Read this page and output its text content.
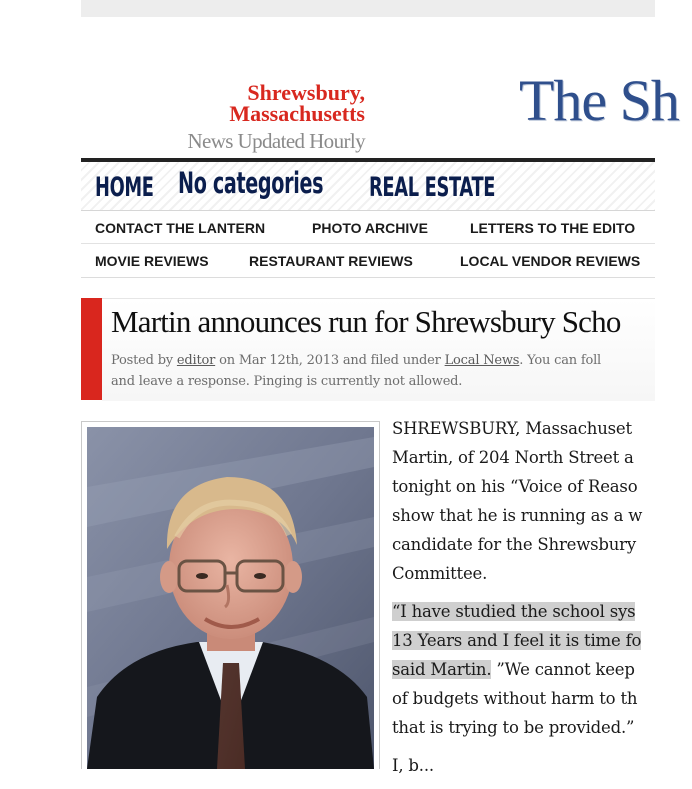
Shrewsbury,
Massachusetts
News Updated Hourly
The Sh
HOME No categories REAL ESTATE
CONTACT THE LANTERN	PHOTO ARCHIVE	LETTERS TO THE EDITO
MOVIE REVIEWS	RESTAURANT REVIEWS	LOCAL VENDOR REVIEWS
Martin announces run for Shrewsbury Scho
Posted by editor on Mar 12th, 2013 and filed under Local News. You can foll
and leave a response. Pinging is currently not allowed.
SHREWSBURY, Massachuset
Martin, of 204 North Street a
tonight on his “Voice of Reaso
show that he is running as a w
candidate for the Shrewsbury
Committee.
“I have studied the school sys
13 Years and I feel it is time fo
said Martin. ”We cannot keep
of budgets without harm to th
that is trying to be provided.”
I, b...
